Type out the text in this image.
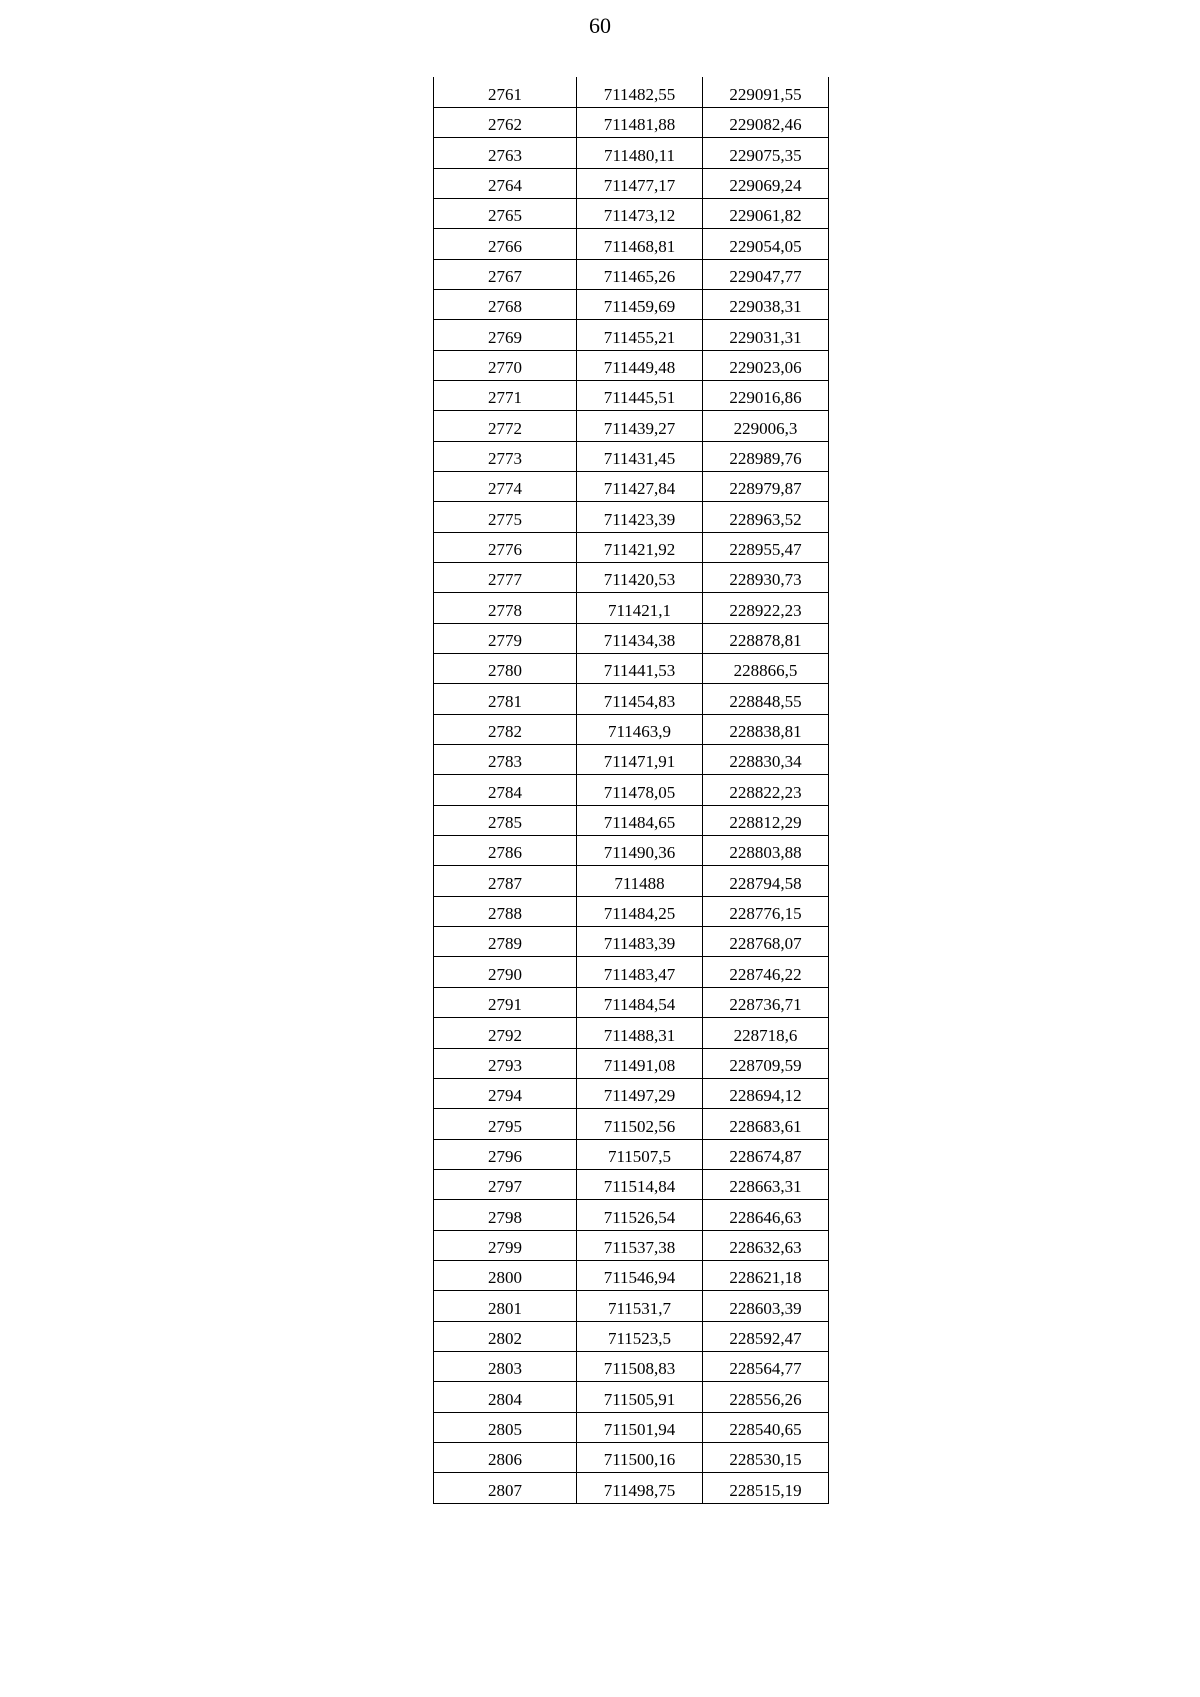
60
2761	711482,55	229091,55
2762	711481,88	229082,46
2763	711480,11	229075,35
2764	711477,17	229069,24
2765	711473,12	229061,82
2766	711468,81	229054,05
2767	711465,26	229047,77
2768	711459,69	229038,31
2769	711455,21	229031,31
2770	711449,48	229023,06
2771	711445,51	229016,86
2772	711439,27	229006,3
2773	711431,45	228989,76
2774	711427,84	228979,87
2775	711423,39	228963,52
2776	711421,92	228955,47
2777	711420,53	228930,73
2778	711421,1	228922,23
2779	711434,38	228878,81
2780	711441,53	228866,5
2781	711454,83	228848,55
2782	711463,9	228838,81
2783	711471,91	228830,34
2784	711478,05	228822,23
2785	711484,65	228812,29
2786	711490,36	228803,88
2787	711488	228794,58
2788	711484,25	228776,15
2789	711483,39	228768,07
2790	711483,47	228746,22
2791	711484,54	228736,71
2792	711488,31	228718,6
2793	711491,08	228709,59
2794	711497,29	228694,12
2795	711502,56	228683,61
2796	711507,5	228674,87
2797	711514,84	228663,31
2798	711526,54	228646,63
2799	711537,38	228632,63
2800	711546,94	228621,18
2801	711531,7	228603,39
2802	711523,5	228592,47
2803	711508,83	228564,77
2804	711505,91	228556,26
2805	711501,94	228540,65
2806	711500,16	228530,15
2807	711498,75	228515,19
